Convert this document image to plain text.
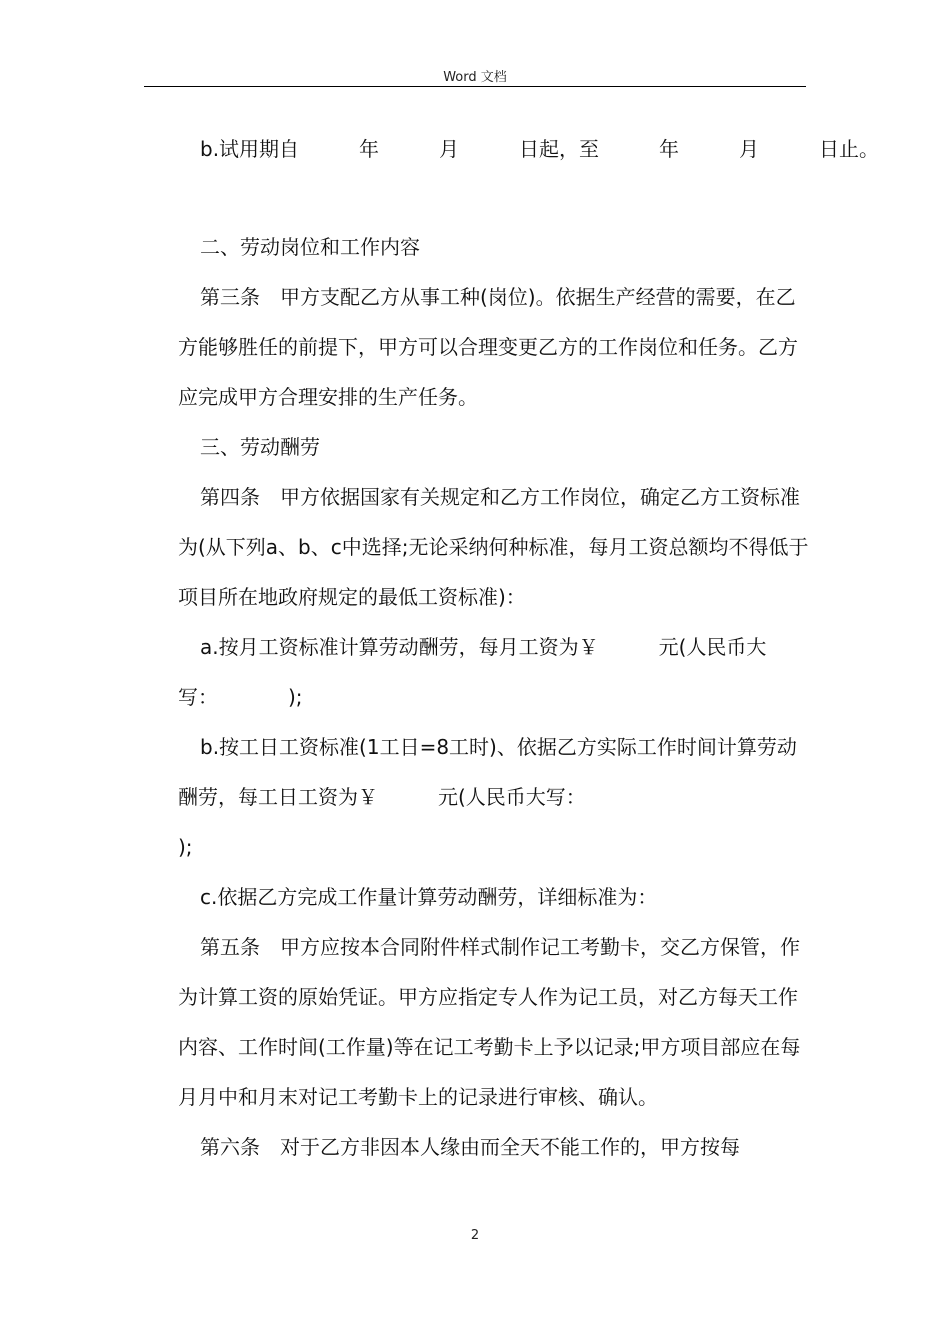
Word 文档

b.试用期自　　　年　　　月　　　日起，至　　　年　　　月　　　日止。

二、劳动岗位和工作内容

第三条　甲方支配乙方从事工种(岗位)。依据生产经营的需要，在乙方能够胜任的前提下，甲方可以合理变更乙方的工作岗位和任务。乙方应完成甲方合理安排的生产任务。

三、劳动酬劳

第四条　甲方依据国家有关规定和乙方工作岗位，确定乙方工资标准为(从下列a、b、c中选择;无论采纳何种标准，每月工资总额均不得低于项目所在地政府规定的最低工资标准)：

a.按月工资标准计算劳动酬劳，每月工资为￥　　　元(人民币大写：　　　　);

b.按工日工资标准(1工日=8工时)、依据乙方实际工作时间计算劳动酬劳，每工日工资为￥　　　元(人民币大写：

);

c.依据乙方完成工作量计算劳动酬劳，详细标准为：

第五条　甲方应按本合同附件样式制作记工考勤卡，交乙方保管，作为计算工资的原始凭证。甲方应指定专人作为记工员，对乙方每天工作内容、工作时间(工作量)等在记工考勤卡上予以记录;甲方项目部应在每月月中和月末对记工考勤卡上的记录进行审核、确认。

第六条　对于乙方非因本人缘由而全天不能工作的，甲方按每

2
